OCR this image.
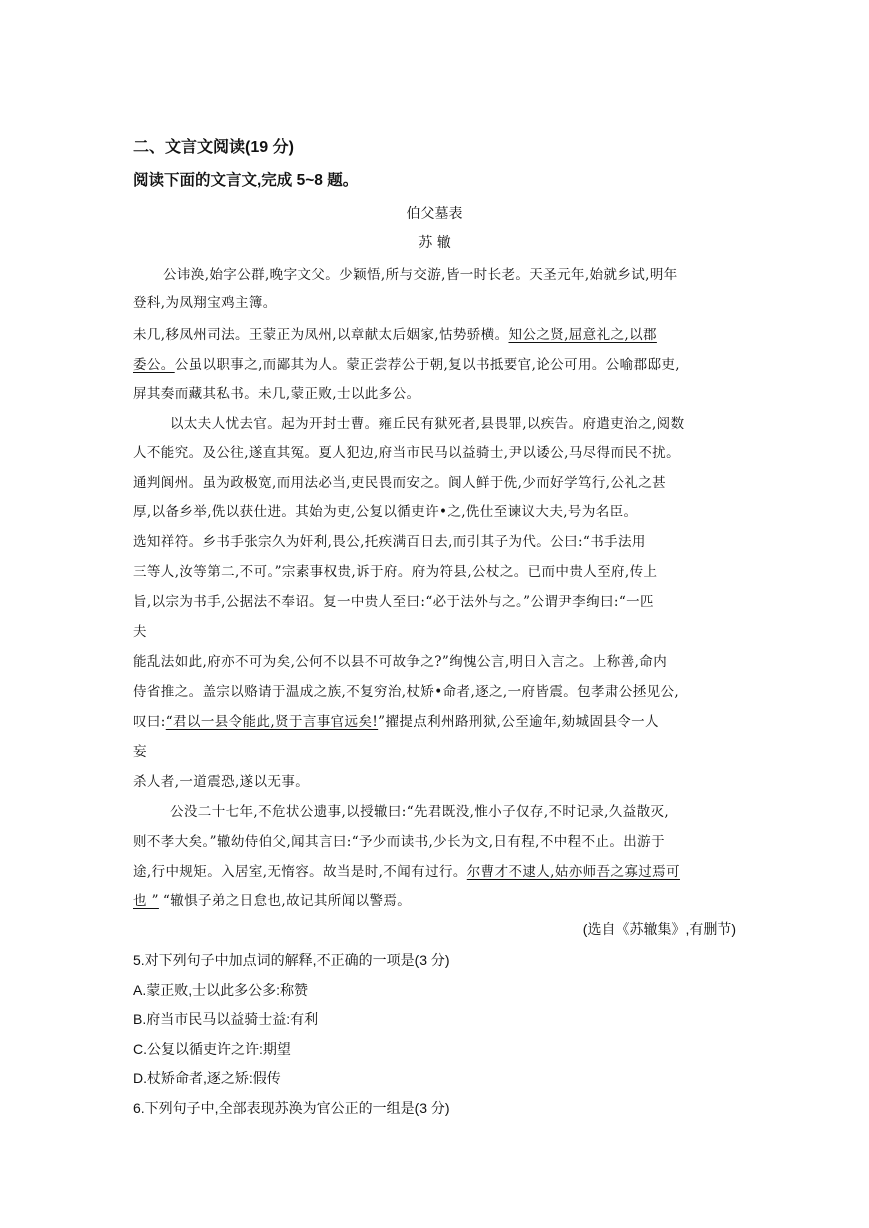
二、文言文阅读(19 分)
阅读下面的文言文,完成 5~8 题。
伯父墓表
苏 辙
公讳涣,始字公群,晚字文父。少颖悟,所与交游,皆一时长老。天圣元年,始就乡试,明年
登科,为凤翔宝鸡主簿。
未几,移凤州司法。王蒙正为凤州,以章献太后姻家,怙势骄横。知公之贤,屈意礼之,以郡
委公。公虽以职事之,而鄙其为人。蒙正尝荐公于朝,复以书抵要官,论公可用。公喻郡邸吏,
屏其奏而藏其私书。未几,蒙正败,士以此多公。
以太夫人忧去官。起为开封士曹。雍丘民有狱死者,县畏罪,以疾告。府遣吏治之,阅数
人不能究。及公往,遂直其冤。夏人犯边,府当市民马以益骑士,尹以诿公,马尽得而民不扰。
通判阆州。虽为政极宽,而用法必当,吏民畏而安之。阆人鲜于侁,少而好学笃行,公礼之甚
厚,以备乡举,侁以获仕进。其始为吏,公复以循吏许•之,侁仕至谏议大夫,号为名臣。
选知祥符。乡书手张宗久为奸利,畏公,托疾满百日去,而引其子为代。公曰:“书手法用
三等人,汝等第二,不可。”宗素事权贵,诉于府。府为符县,公杖之。已而中贵人至府,传上
旨,以宗为书手,公据法不奉诏。复一中贵人至曰:“必于法外与之。”公谓尹李绚曰:“一匹
夫
能乱法如此,府亦不可为矣,公何不以县不可故争之?”绚愧公言,明日入言之。上称善,命内
侍省推之。盖宗以赂请于温成之族,不复穷治,杖矫•命者,逐之,一府皆震。包孝肃公拯见公,
叹曰:“君以一县令能此,贤于言事官远矣!”擢提点利州路刑狱,公至逾年,劾城固县令一人
妄
杀人者,一道震恐,遂以无事。
公没二十七年,不危状公遗事,以授辙曰:“先君既没,惟小子仅存,不时记录,久益散灭,
则不孝大矣。”辙幼侍伯父,闻其言曰:“予少而读书,少长为文,日有程,不中程不止。出游于
途,行中规矩。入居室,无惰容。故当是时,不闻有过行。尔曹才不逮人,姑亦师吾之寡过焉可
也 ” “辙惧子弟之日怠也,故记其所闻以警焉。
(选自《苏辙集》,有删节)
5.对下列句子中加点词的解释,不正确的一项是(3 分)
A.蒙正败,士以此多公多:称赞
B.府当市民马以益骑士益:有利
C.公复以循吏许之许:期望
D.杖矫命者,逐之矫:假传
6.下列句子中,全部表现苏涣为官公正的一组是(3 分)
